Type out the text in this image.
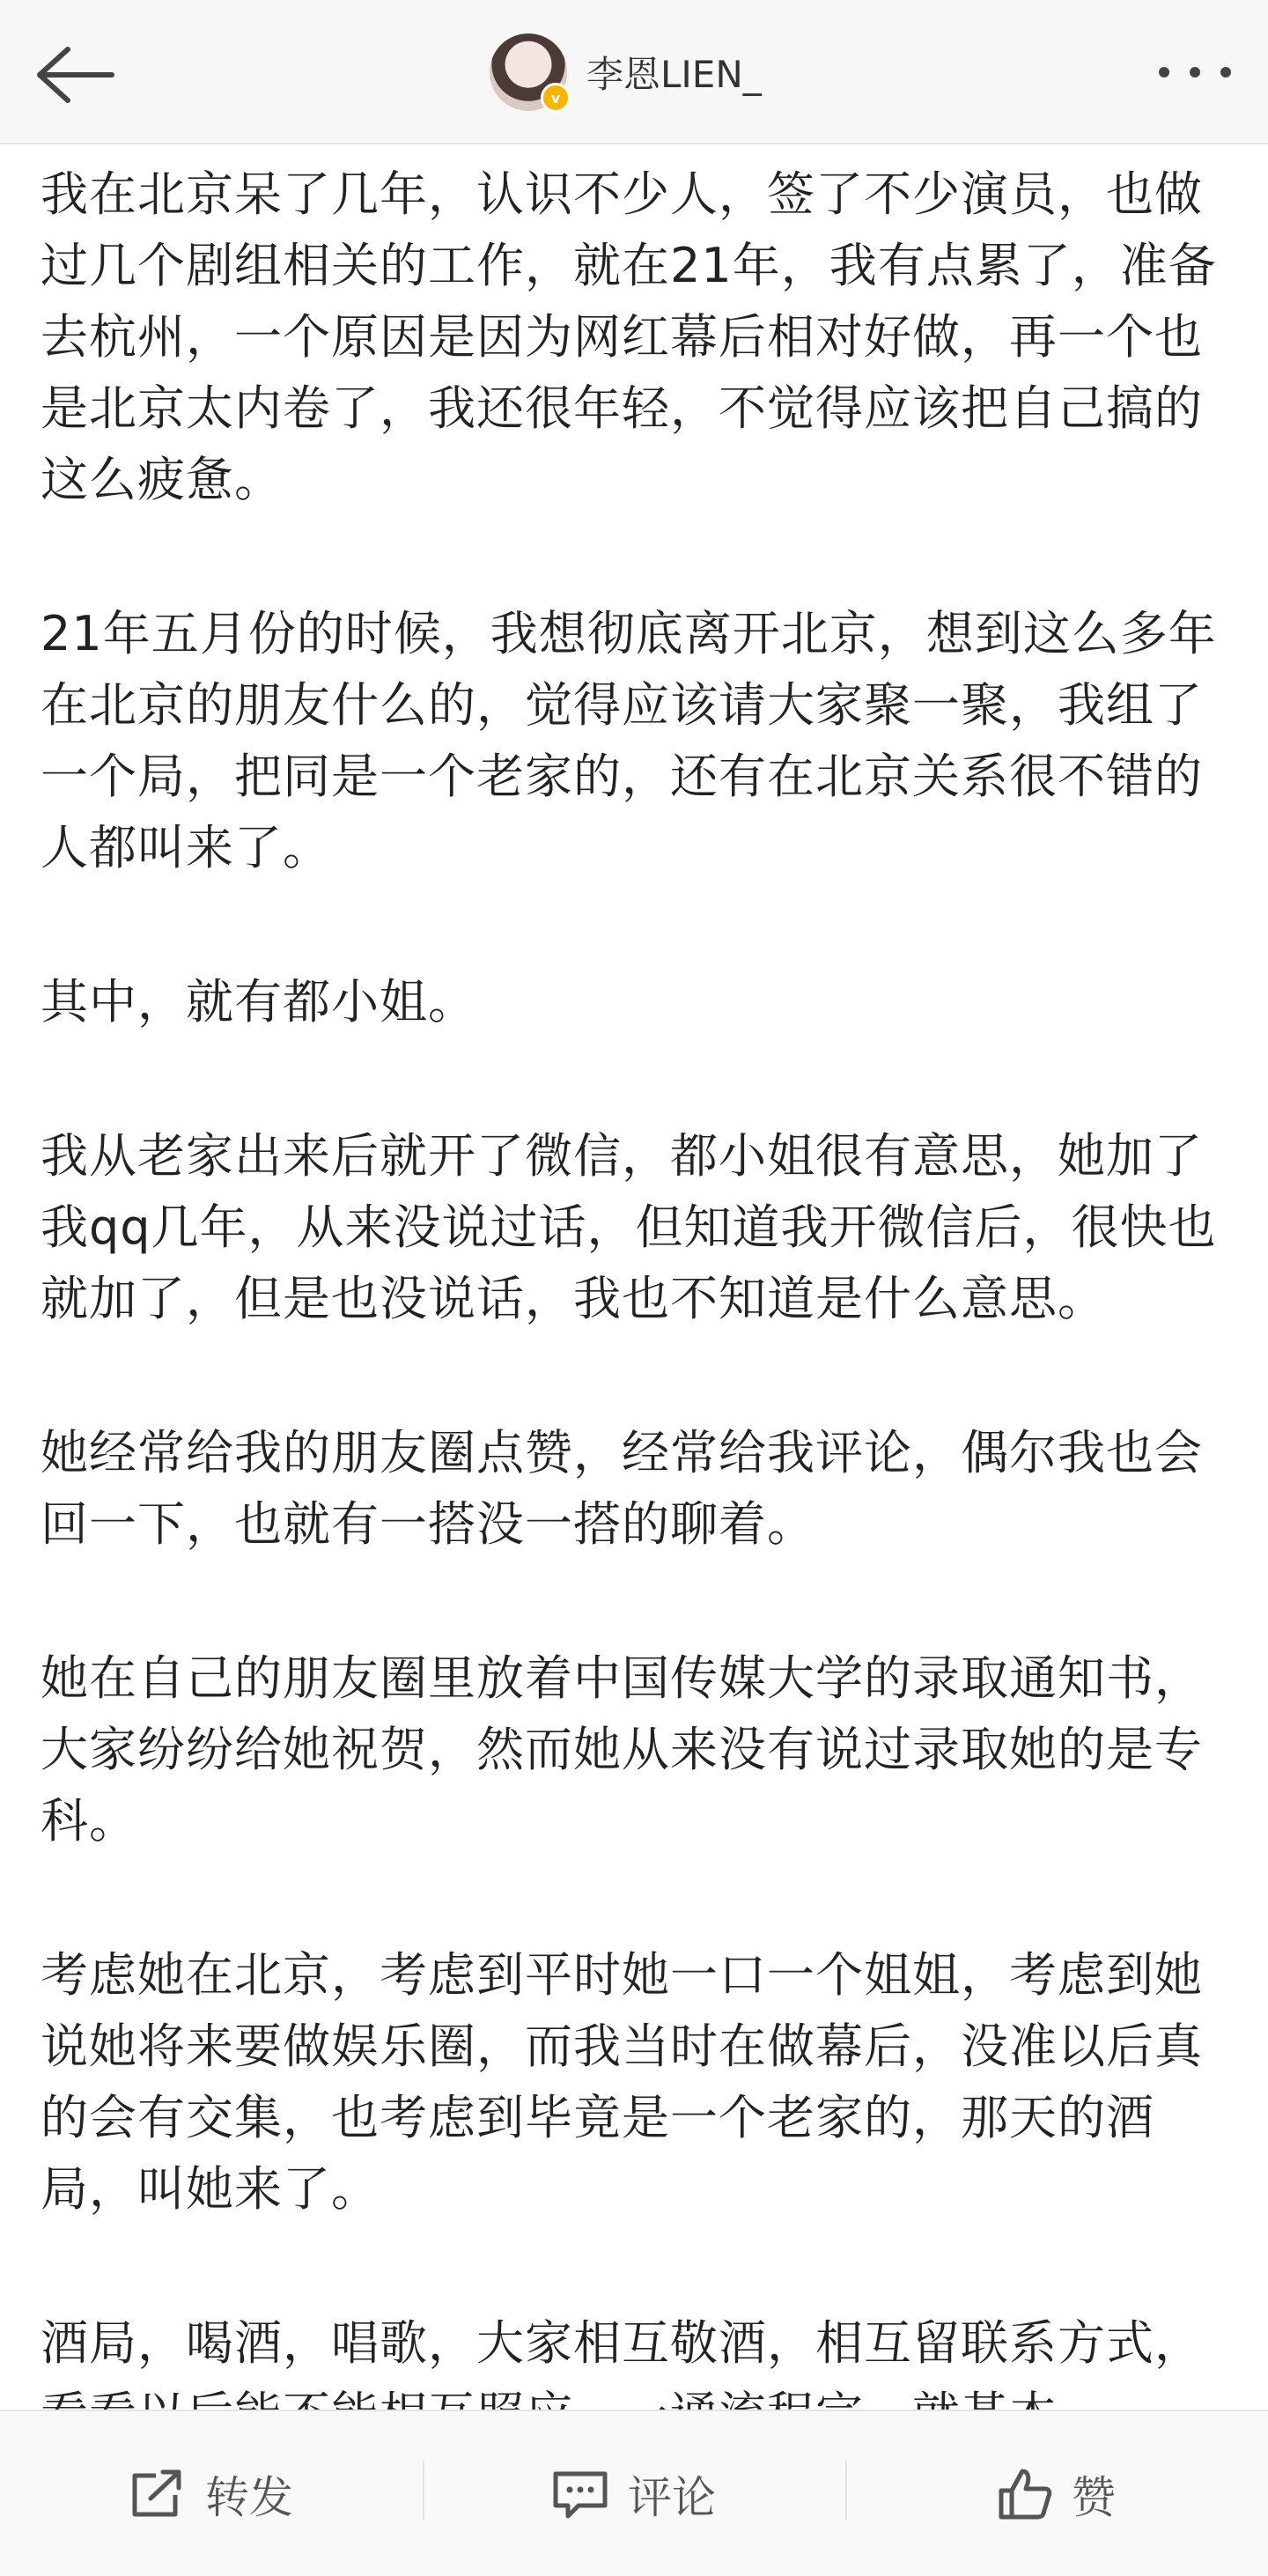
v
李恩LIEN_

我在北京呆了几年，认识不少人，签了不少演员，也做过几个剧组相关的工作，就在21年，我有点累了，准备去杭州，一个原因是因为网红幕后相对好做，再一个也是北京太内卷了，我还很年轻，不觉得应该把自己搞的这么疲惫。

21年五月份的时候，我想彻底离开北京，想到这么多年在北京的朋友什么的，觉得应该请大家聚一聚，我组了一个局，把同是一个老家的，还有在北京关系很不错的人都叫来了。

其中，就有都小姐。

我从老家出来后就开了微信，都小姐很有意思，她加了我qq几年，从来没说过话，但知道我开微信后，很快也就加了，但是也没说话，我也不知道是什么意思。

她经常给我的朋友圈点赞，经常给我评论，偶尔我也会回一下，也就有一搭没一搭的聊着。

她在自己的朋友圈里放着中国传媒大学的录取通知书，大家纷纷给她祝贺，然而她从来没有说过录取她的是专科。

考虑她在北京，考虑到平时她一口一个姐姐，考虑到她说她将来要做娱乐圈，而我当时在做幕后，没准以后真的会有交集，也考虑到毕竟是一个老家的，那天的酒局，叫她来了。

酒局，喝酒，唱歌，大家相互敬酒，相互留联系方式，

转发	评论	赞
